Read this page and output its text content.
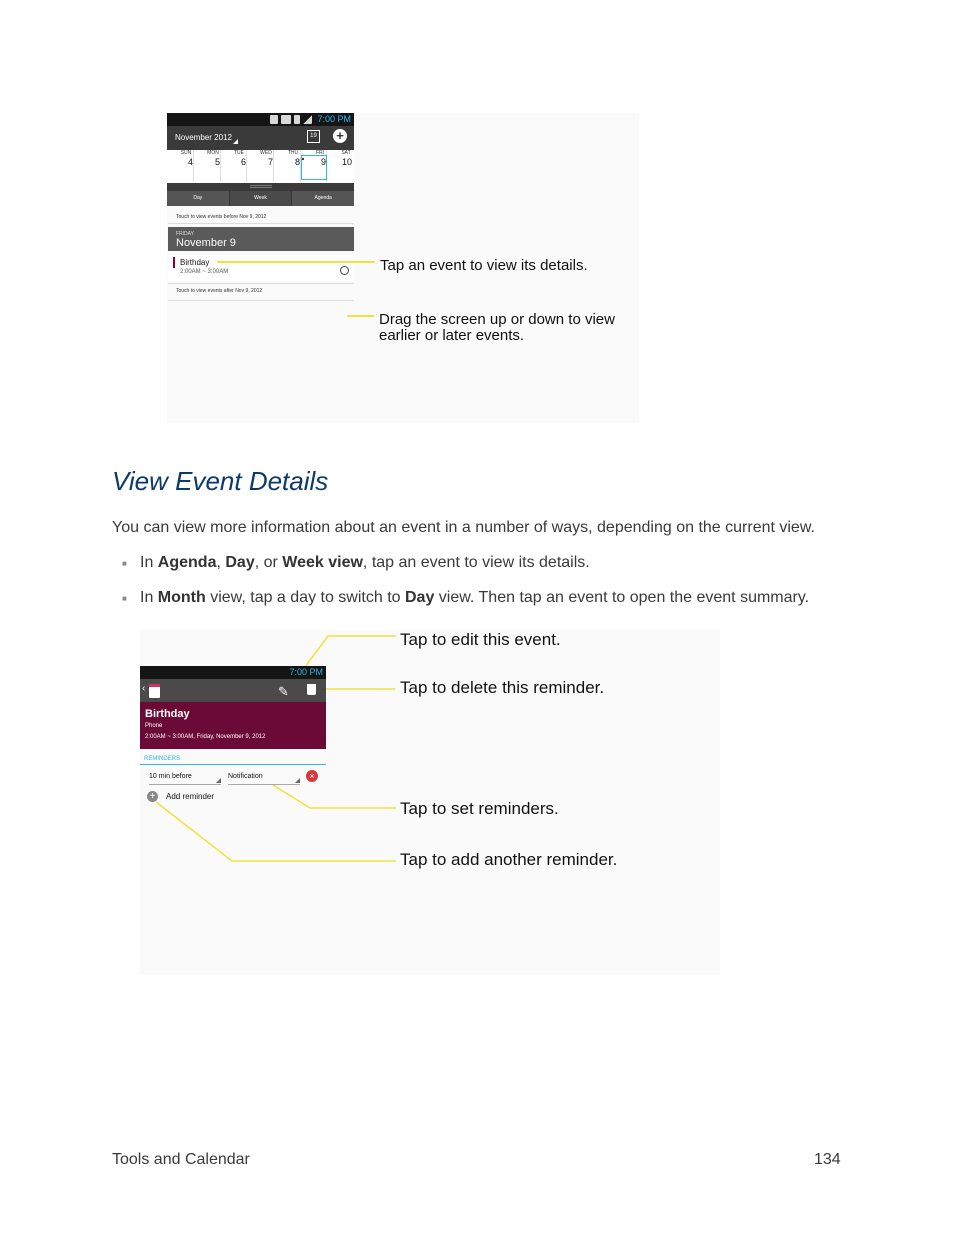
7:00 PM
November 2012	19 +
SUN	MON	TUE	WED	THU	FRI	SAT
4	5	6	7	8	9	10
Day	Week	Agenda
Touch to view events before Nov 9, 2012
FRIDAY
November 9
Birthday
2:00AM ~ 3:00AM
Touch to view events after Nov 9, 2012
Tap an event to view its details.
Drag the screen up or down to view
earlier or later events.
View Event Details
You can view more information about an event in a number of ways, depending on the current view.
■ In Agenda, Day, or Week view, tap an event to view its details.
■ In Month view, tap a day to switch to Day view. Then tap an event to open the event summary.
7:00 PM
‹	✎
Birthday
Phone
2:00AM ~ 3:00AM, Friday, November 9, 2012
REMINDERS
10 min before	Notification	×
+	Add reminder
Tap to edit this event.
Tap to delete this reminder.
Tap to set reminders.
Tap to add another reminder.
Tools and Calendar	134
